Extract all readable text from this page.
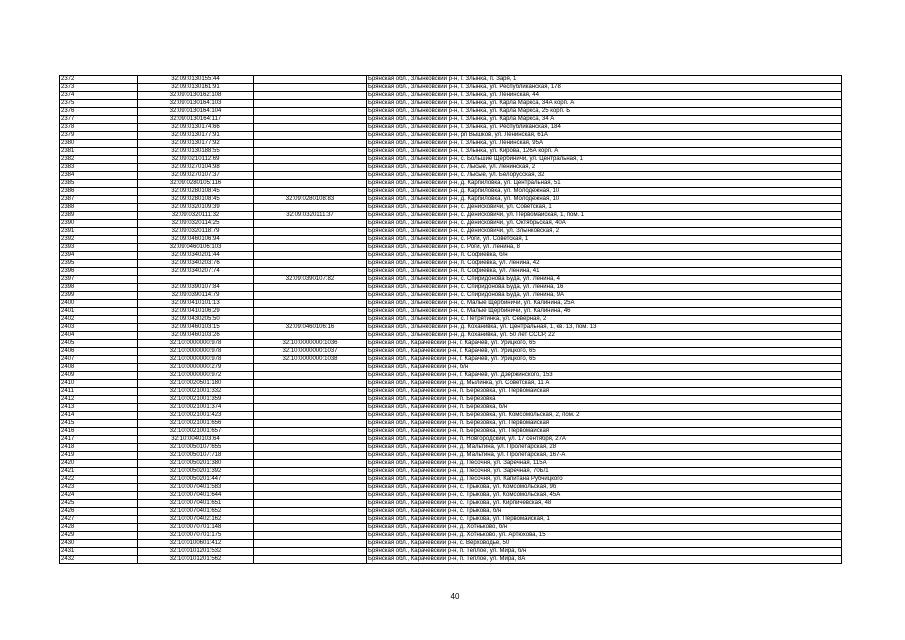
2372	32:09:0130155:44		Брянская обл., Злынковский р-н, г. Злынка, п. Заря, 1
2373	32:09:0130161:91		Брянская обл., Злынковский р-н, г. Злынка, ул. Республиканская, 178
2374	32:09:0130162:108		Брянская обл., Злынковский р-н, г. Злынка, ул. Ленинская, 44
2375	32:09:0130164:103		Брянская обл., Злынковский р-н, г. Злынка, ул. Карла Маркса, 34А корп. А
2376	32:09:0130164:104		Брянская обл., Злынковский р-н, г. Злынка, ул. Карла Маркса, 25 корп. Б
2377	32:09:0130164:117		Брянская обл., Злынковский р-н, г. Злынка, ул. Карла Маркса, 34 А
2378	32:09:0130174:66		Брянская обл., Злынковский р-н, г. Злынка, ул. Республиканская, 184
2379	32:09:0130177:91		Брянская обл., Злынковский р-н, рп Вышков, ул. Ленинская, 61А
2380	32:09:0130177:92		Брянская обл., Злынковский р-н, г. Злынка, ул. Ленинская, 95А
2381	32:09:0130188:55		Брянская обл., Злынковский р-н, г. Злынка, ул. Кирова, 126А корп. А
2382	32:09:0210112:69		Брянская обл., Злынковский р-н, с. Большие Щербиничи, ул. Центральная, 1
2383	32:09:0270104:98		Брянская обл., Злынковский р-н, с. Лысые, ул. Ленинская, 2
2384	32:09:0270107:37		Брянская обл., Злынковский р-н, с. Лысые, ул. Белорусская, 32
2385	32:09:0280105:116		Брянская обл., Злынковский р-н, д. Карпиловка, ул. Центральная, 51
2386	32:09:0280108:45		Брянская обл., Злынковский р-н, д. Карпиловка, ул. Молодежная, 10
2387	32:09:0280108:45	32:09:0280108:83	Брянская обл., Злынковский р-н, д. Карпиловка, ул. Молодежная, 10
2388	32:09:0320109:39		Брянская обл., Злынковский р-н, с. Денисковичи, ул. Советская, 1
2389	32:09:0320111:32	32:09:0320111:37	Брянская обл., Злынковский р-н, с. Денисковичи, ул. Первомайская, 1, пом. 1
2390	32:09:0320114:25		Брянская обл., Злынковский р-н, с. Денисковичи, ул. Октябрьская, 40А
2391	32:09:0320118:79		Брянская обл., Злынковский р-н, с. Денисковичи, ул. Злынковская, 2
2392	32:09:0460106:94		Брянская обл., Злынковский р-н, с. Роги, ул. Советская, 1
2393	32:09:0460106:103		Брянская обл., Злынковский р-н, с. Роги, ул. Ленина, 8
2394	32:09:0340201:44		Брянская обл., Злынковский р-н, п. Софиевка, б/н
2395	32:09:0340203:76		Брянская обл., Злынковский р-н, п. Софиевка, ул. Ленина, 42
2396	32:09:0340207:74		Брянская обл., Злынковский р-н, п. Софиевка, ул. Ленина, 41
2397		32:09:0390107:82	Брянская обл., Злынковский р-н, с. Спиридонова Буда, ул. Ленина, 4
2398	32:09:0390107:84		Брянская обл., Злынковский р-н, с. Спиридонова Буда, ул. Ленина, 16
2399	32:09:0390114:79		Брянская обл., Злынковский р-н, с. Спиридонова Буда, ул. Ленина, 9А
2400	32:09:0410101:13		Брянская обл., Злынковский р-н, с. Малые Щербиничи, ул. Калинина, 25А
2401	32:09:0410106:29		Брянская обл., Злынковский р-н, с. Малые Щербиничи, ул. Калинина, 46
2402	32:09:0430205:50		Брянская обл., Злынковский р-н, с. Петрятинка, ул. Северная, 2
2403	32:09:0460103:15	32:09:0460106:16	Брянская обл., Злынковский р-н, д. Коханивка, ул. Центральная, 1, кв. 13, пом. 13
2404	32:09:0460103:26		Брянская обл., Злынковский р-н, д. Коханивка, ул. 50 лет СССР, 22
2405	32:10:0000000:978	32:10:0000000:1036	Брянская обл., Карачевский р-н, г. Карачев, ул. Урицкого, 65
2406	32:10:0000000:978	32:10:0000000:1037	Брянская обл., Карачевский р-н, г. Карачев, ул. Урицкого, 65
2407	32:10:0000000:978	32:10:0000000:1038	Брянская обл., Карачевский р-н, г. Карачев, ул. Урицкого, 65
2408	32:10:0000000:279		Брянская обл., Карачевский р-н, б/н
2409	32:10:0000000:972		Брянская обл., Карачевский р-н, г. Карачев, ул. Дзержинского, 153
2410	32:10:0020501:180		Брянская обл., Карачевский р-н, д. Мылинка, ул. Советская, 11 А
2411	32:10:0021001:332		Брянская обл., Карачевский р-н, п. Березовка, ул. Первомайская
2412	32:10:0021001:359		Брянская обл., Карачевский р-н, п. Березовка
2413	32:10:0021001:374		Брянская обл., Карачевский р-н, п. Березовка, б/н
2414	32:10:0021001:423		Брянская обл., Карачевский р-н, п. Березовка, ул. Комсомольская, 2, пом. 2
2415	32:10:0021001:656		Брянская обл., Карачевский р-н, п. Березовка, ул. Первомайская
2416	32:10:0021001:657		Брянская обл., Карачевский р-н, п. Березовка, ул. Первомайская
2417	32:10:0040103:64		Брянская обл., Карачевский р-н, п. Новгородский, ул. 17 сентября, 27А
2418	32:10:0050107:655		Брянская обл., Карачевский р-н, д. Мальтина, ул. Пролетарская, 28
2419	32:10:0050107:718		Брянская обл., Карачевский р-н, д. Мальтина, ул. Пролетарская, 167-А
2420	32:10:0050201:380		Брянская обл., Карачевский р-н, д. Песочня, ул. Заречная, 115А
2421	32:10:0050201:392		Брянская обл., Карачевский р-н, д. Песочня, ул. Заречная, 70Б/1
2422	32:10:0050201:447		Брянская обл., Карачевский р-н, д. Песочня, ул. Капитана Рубчицкого
2423	32:10:0070401:583		Брянская обл., Карачевский р-н, с. Трыкова, ул. Комсомольская, 9б
2424	32:10:0070401:644		Брянская обл., Карачевский р-н, с. Трыкова, ул. Комсомольская, 45А
2425	32:10:0070401:651		Брянская обл., Карачевский р-н, с. Трыкова, ул. Кирпичевская, 48
2426	32:10:0070401:652		Брянская обл., Карачевский р-н, с. Трыкова, б/н
2427	32:10:0070402:162		Брянская обл., Карачевский р-н, с. Трыкова, ул. Первомайская, 1
2428	32:10:0070701:148		Брянская обл., Карачевский р-н, д. Хотньково, б/н
2429	32:10:0070701:175		Брянская обл., Карачевский р-н, д. Хотньково, ул. Артюхова, 15
2430	32:10:0100601:412		Брянская обл., Карачевский р-н, с. Верховодье, 50
2431	32:10:0101201:532		Брянская обл., Карачевский р-н, п. Теплое, ул. Мира, б/н
2432	32:10:0101201:562		Брянская обл., Карачевский р-н, п. Теплое, ул. Мира, 8А
40
